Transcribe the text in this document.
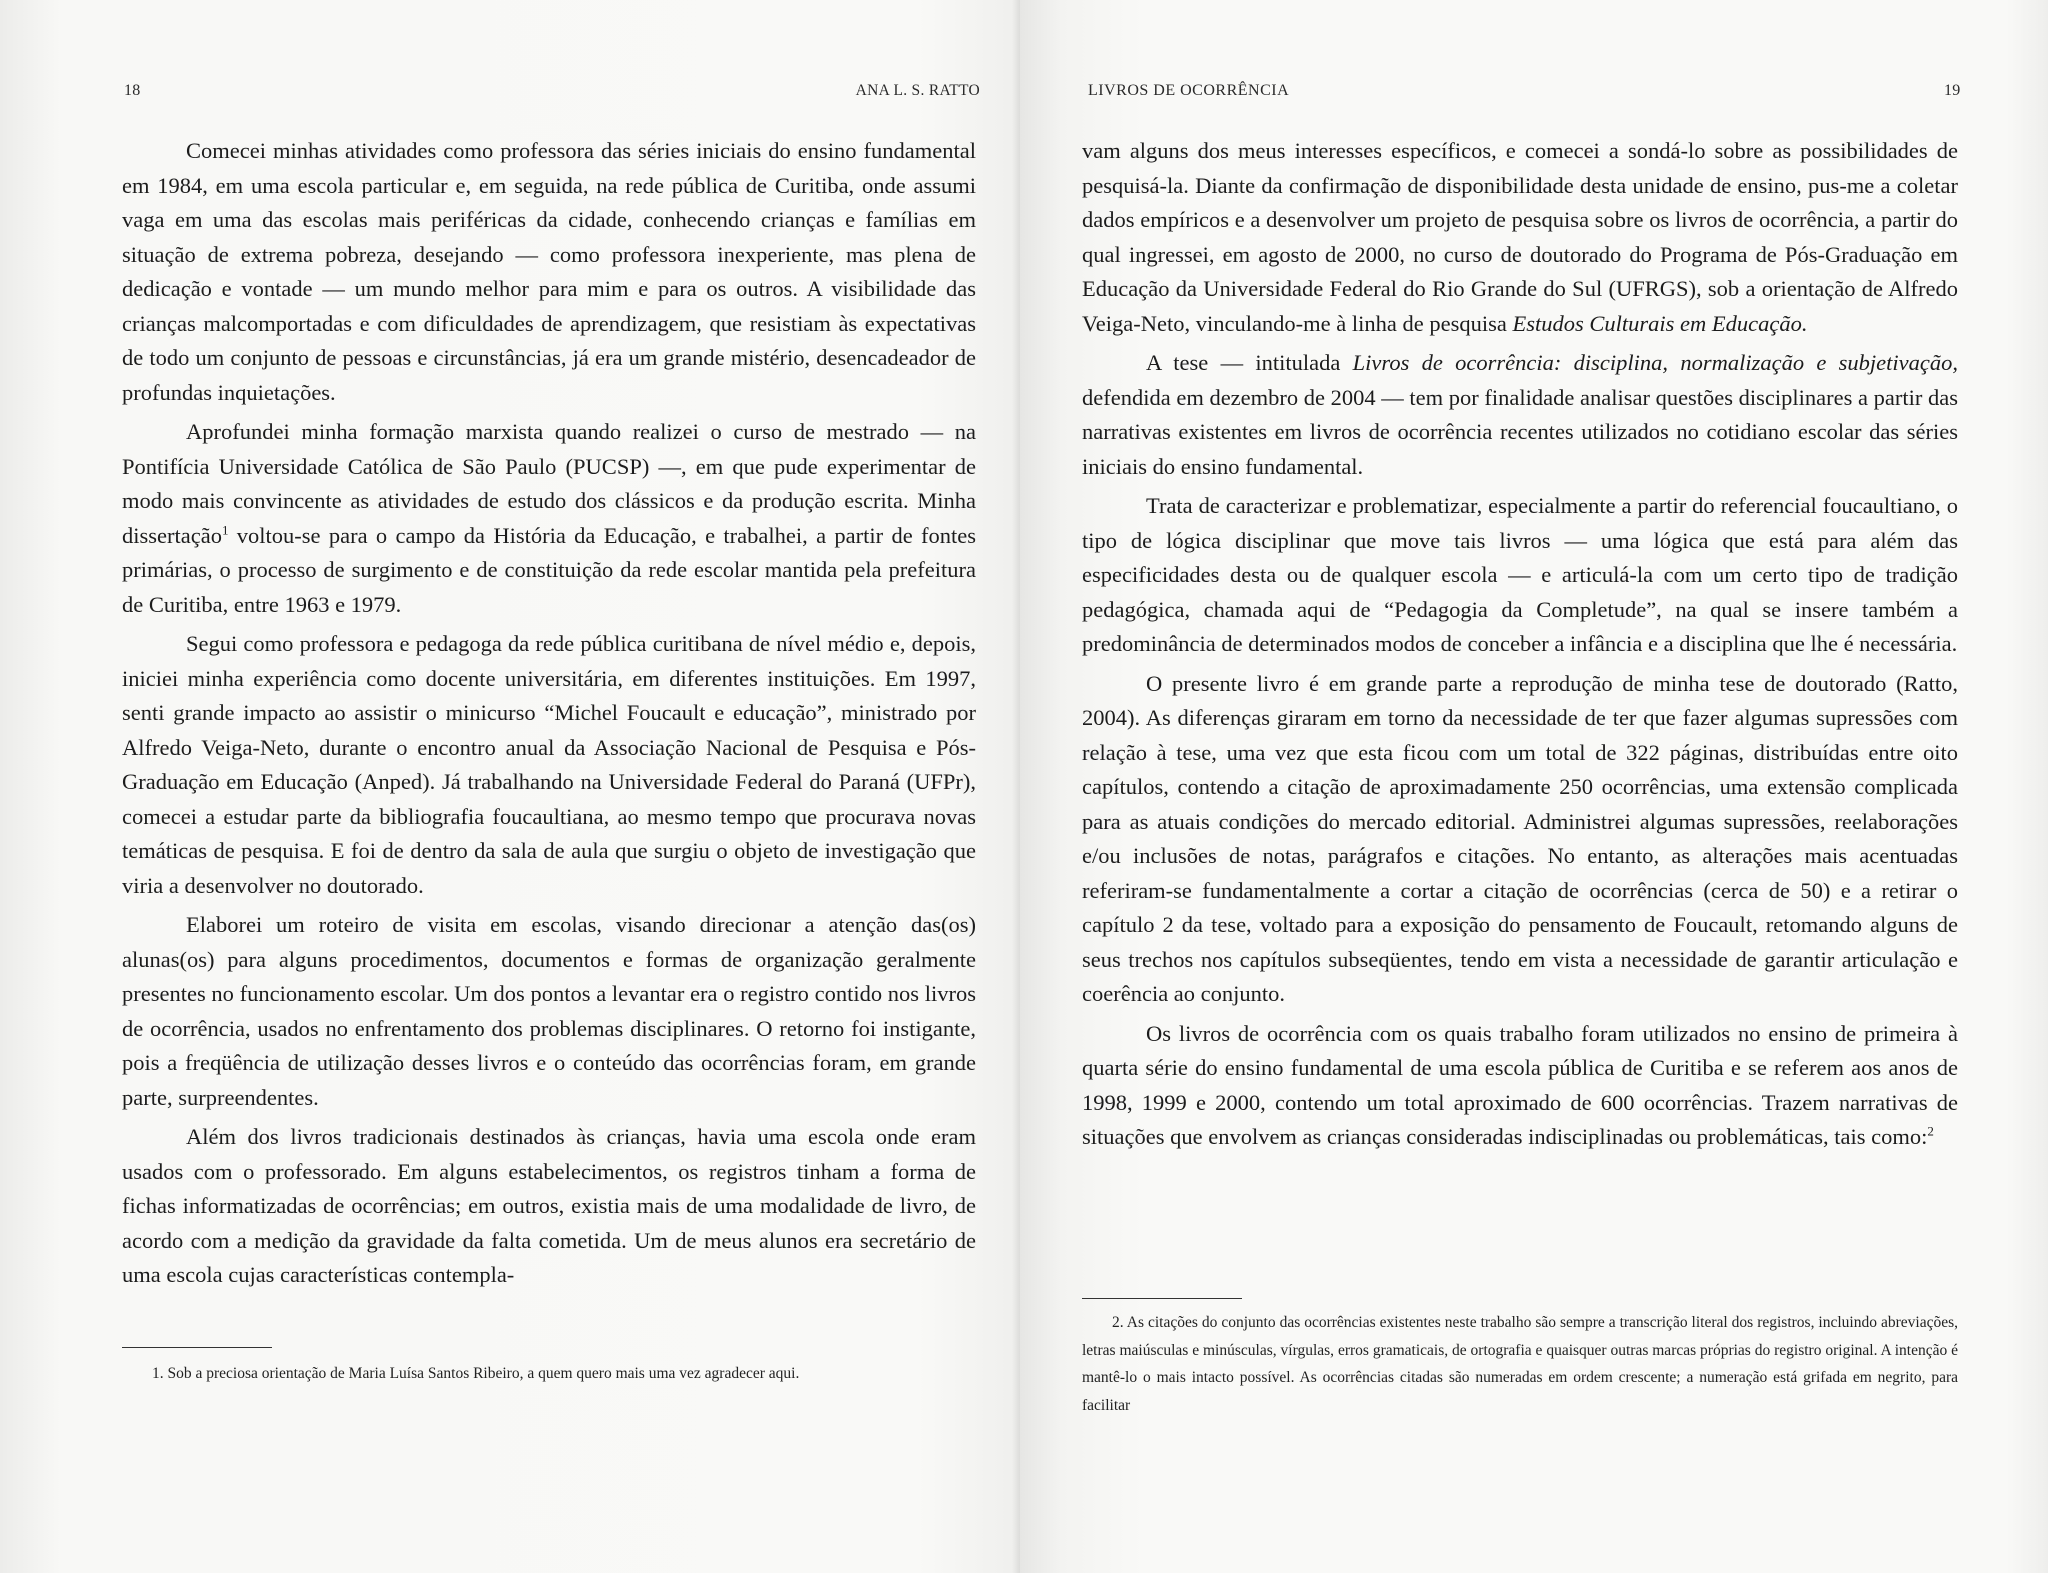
18	ANA L. S. RATTO

Comecei minhas atividades como professora das séries iniciais do ensino fundamental em 1984, em uma escola particular e, em seguida, na rede pública de Curitiba, onde assumi vaga em uma das escolas mais periféricas da cidade, conhecendo crianças e famílias em situação de extrema pobreza, desejando — como professora inexperiente, mas plena de dedicação e vontade — um mundo melhor para mim e para os outros. A visibilidade das crianças malcomportadas e com dificuldades de aprendizagem, que resistiam às expectativas de todo um conjunto de pessoas e circunstâncias, já era um grande mistério, desencadeador de profundas inquietações.

Aprofundei minha formação marxista quando realizei o curso de mestrado — na Pontifícia Universidade Católica de São Paulo (PUCSP) —, em que pude experimentar de modo mais convincente as atividades de estudo dos clássicos e da produção escrita. Minha dissertação$^1$ voltou-se para o campo da História da Educação, e trabalhei, a partir de fontes primárias, o processo de surgimento e de constituição da rede escolar mantida pela prefeitura de Curitiba, entre 1963 e 1979.

Segui como professora e pedagoga da rede pública curitibana de nível médio e, depois, iniciei minha experiência como docente universitária, em diferentes instituições. Em 1997, senti grande impacto ao assistir o minicurso “Michel Foucault e educação”, ministrado por Alfredo Veiga-Neto, durante o encontro anual da Associação Nacional de Pesquisa e Pós-Graduação em Educação (Anped). Já trabalhando na Universidade Federal do Paraná (UFPr), comecei a estudar parte da bibliografia foucaultiana, ao mesmo tempo que procurava novas temáticas de pesquisa. E foi de dentro da sala de aula que surgiu o objeto de investigação que viria a desenvolver no doutorado.

Elaborei um roteiro de visita em escolas, visando direcionar a atenção das(os) alunas(os) para alguns procedimentos, documentos e formas de organização geralmente presentes no funcionamento escolar. Um dos pontos a levantar era o registro contido nos livros de ocorrência, usados no enfrentamento dos problemas disciplinares. O retorno foi instigante, pois a freqüência de utilização desses livros e o conteúdo das ocorrências foram, em grande parte, surpreendentes.

Além dos livros tradicionais destinados às crianças, havia uma escola onde eram usados com o professorado. Em alguns estabelecimentos, os registros tinham a forma de fichas informatizadas de ocorrências; em outros, existia mais de uma modalidade de livro, de acordo com a medição da gravidade da falta cometida. Um de meus alunos era secretário de uma escola cujas características contempla-

1. Sob a preciosa orientação de Maria Luísa Santos Ribeiro, a quem quero mais uma vez agradecer aqui.

LIVROS DE OCORRÊNCIA	19

vam alguns dos meus interesses específicos, e comecei a sondá-lo sobre as possibilidades de pesquisá-la. Diante da confirmação de disponibilidade desta unidade de ensino, pus-me a coletar dados empíricos e a desenvolver um projeto de pesquisa sobre os livros de ocorrência, a partir do qual ingressei, em agosto de 2000, no curso de doutorado do Programa de Pós-Graduação em Educação da Universidade Federal do Rio Grande do Sul (UFRGS), sob a orientação de Alfredo Veiga-Neto, vinculando-me à linha de pesquisa Estudos Culturais em Educação.

A tese — intitulada Livros de ocorrência: disciplina, normalização e subjetivação, defendida em dezembro de 2004 — tem por finalidade analisar questões disciplinares a partir das narrativas existentes em livros de ocorrência recentes utilizados no cotidiano escolar das séries iniciais do ensino fundamental.

Trata de caracterizar e problematizar, especialmente a partir do referencial foucaultiano, o tipo de lógica disciplinar que move tais livros — uma lógica que está para além das especificidades desta ou de qualquer escola — e articulá-la com um certo tipo de tradição pedagógica, chamada aqui de “Pedagogia da Completude”, na qual se insere também a predominância de determinados modos de conceber a infância e a disciplina que lhe é necessária.

O presente livro é em grande parte a reprodução de minha tese de doutorado (Ratto, 2004). As diferenças giraram em torno da necessidade de ter que fazer algumas supressões com relação à tese, uma vez que esta ficou com um total de 322 páginas, distribuídas entre oito capítulos, contendo a citação de aproximadamente 250 ocorrências, uma extensão complicada para as atuais condições do mercado editorial. Administrei algumas supressões, reelaborações e/ou inclusões de notas, parágrafos e citações. No entanto, as alterações mais acentuadas referiram-se fundamentalmente a cortar a citação de ocorrências (cerca de 50) e a retirar o capítulo 2 da tese, voltado para a exposição do pensamento de Foucault, retomando alguns de seus trechos nos capítulos subseqüentes, tendo em vista a necessidade de garantir articulação e coerência ao conjunto.

Os livros de ocorrência com os quais trabalho foram utilizados no ensino de primeira à quarta série do ensino fundamental de uma escola pública de Curitiba e se referem aos anos de 1998, 1999 e 2000, contendo um total aproximado de 600 ocorrências. Trazem narrativas de situações que envolvem as crianças consideradas indisciplinadas ou problemáticas, tais como:$^2$

2. As citações do conjunto das ocorrências existentes neste trabalho são sempre a transcrição literal dos registros, incluindo abreviações, letras maiúsculas e minúsculas, vírgulas, erros gramaticais, de ortografia e quaisquer outras marcas próprias do registro original. A intenção é mantê-lo o mais intacto possível. As ocorrências citadas são numeradas em ordem crescente; a numeração está grifada em negrito, para facilitar
